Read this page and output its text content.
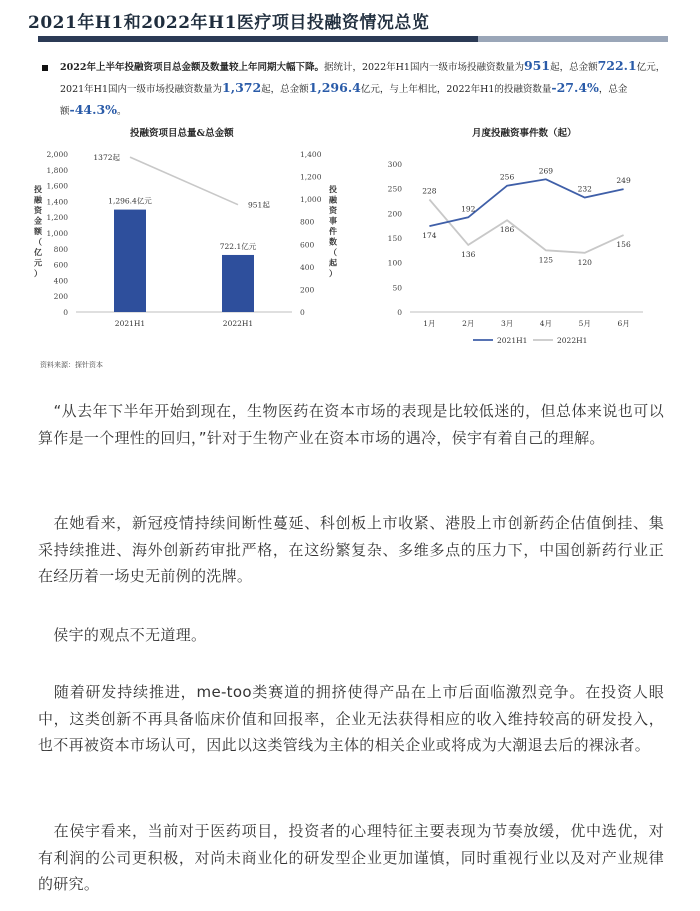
2021年H1和2022年H1医疗项目投融资情况总览
2022年上半年投融资项目总金额及数量较上年同期大幅下降。据统计，2022年H1国内一级市场投融资数量为951起，总金额722.1亿元，
2021年H1国内一级市场投融资数量为1,372起，总金额1,296.4亿元，与上年相比，2022年H1的投融资数量-27.4%，总金额-44.3%。
投融资项目总量&总金额
0
200
400
600
800
1,000
1,200
1,400
1,600
1,800
2,000
0
200
400
600
800
1,000
1,200
1,400
投
融
资
金
额
（
亿
元
）
投
融
资
事
件
数
（
起
）
1,296.4亿元
2021H1
722.1亿元
2022H1
1372起
951起
月度投融资事件数（起）
0
50
100
150
200
250
300
1月	2月	3月	4月	5月	6月
174
192
256
269
232
249
228
136
186
125	120
156
2021H1	2022H1
资料来源：探针资本
　“从去年下半年开始到现在，生物医药在资本市场的表现是比较低迷的，但总体来说也可以算作是一个理性的回归，”针对于生物产业在资本市场的遇冷，侯宇有着自己的理解。
　在她看来，新冠疫情持续间断性蔓延、科创板上市收紧、港股上市创新药企估值倒挂、集采持续推进、海外创新药审批严格，在这纷繁复杂、多维多点的压力下，中国创新药行业正在经历着一场史无前例的洗牌。
　侯宇的观点不无道理。
　随着研发持续推进，me-too类赛道的拥挤使得产品在上市后面临激烈竞争。在投资人眼中，这类创新不再具备临床价值和回报率，企业无法获得相应的收入维持较高的研发投入，也不再被资本市场认可，因此以这类管线为主体的相关企业或将成为大潮退去后的裸泳者。
　在侯宇看来，当前对于医药项目，投资者的心理特征主要表现为节奏放缓，优中选优，对有利润的公司更积极，对尚未商业化的研发型企业更加谨慎，同时重视行业以及对产业规律的研究。
